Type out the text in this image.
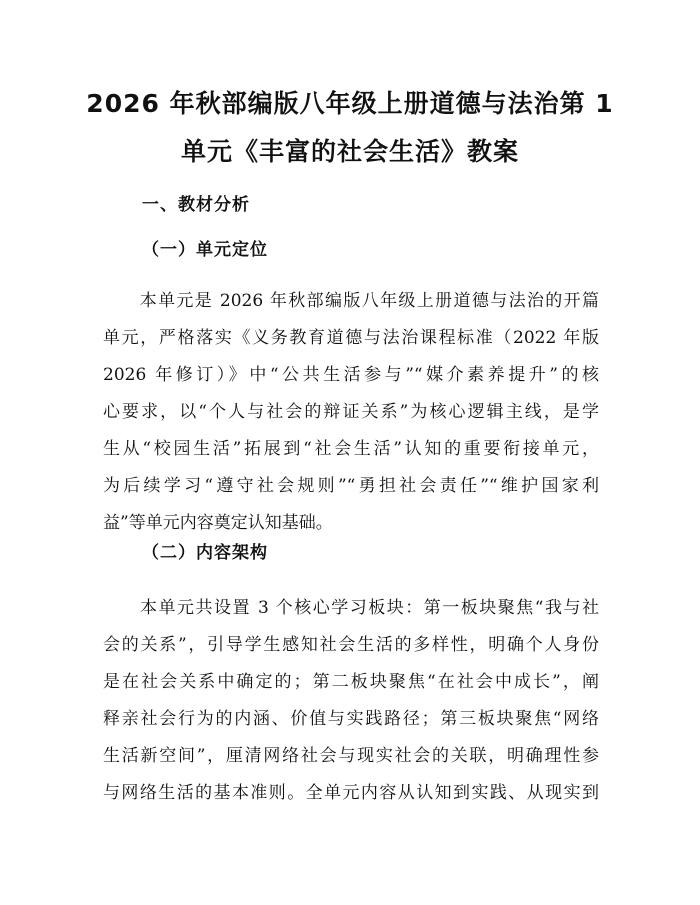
2026 年秋部编版八年级上册道德与法治第 1
单元《丰富的社会生活》教案
一、教材分析
（一）单元定位
　　本单元是 2026 年秋部编版八年级上册道德与法治的开篇
单元，严格落实《义务教育道德与法治课程标准（2022 年版
2026 年修订）》中“公共生活参与”“媒介素养提升”的核
心要求，以“个人与社会的辩证关系”为核心逻辑主线，是学
生从“校园生活”拓展到“社会生活”认知的重要衔接单元，
为后续学习“遵守社会规则”“勇担社会责任”“维护国家利
益”等单元内容奠定认知基础。
（二）内容架构
　　本单元共设置 3 个核心学习板块：第一板块聚焦“我与社
会的关系”，引导学生感知社会生活的多样性，明确个人身份
是在社会关系中确定的；第二板块聚焦“在社会中成长”，阐
释亲社会行为的内涵、价值与实践路径；第三板块聚焦“网络
生活新空间”，厘清网络社会与现实社会的关联，明确理性参
与网络生活的基本准则。全单元内容从认知到实践、从现实到
